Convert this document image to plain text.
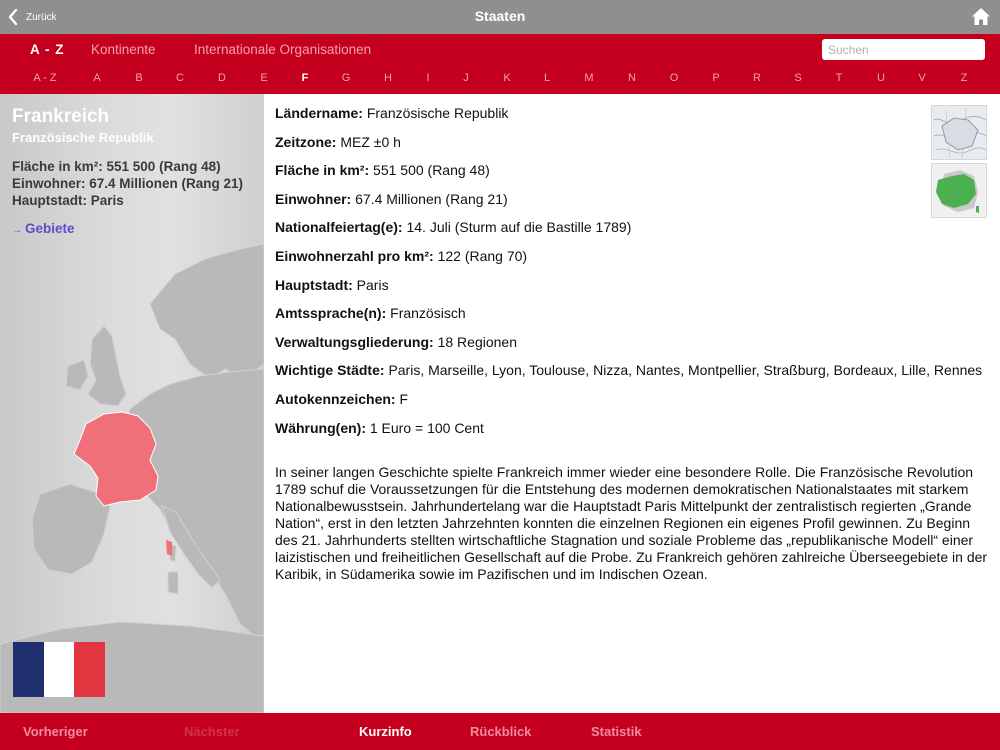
Zurück	Staaten
A - Z Kontinente	Internationale Organisationen
Suchen
A - Z	A	B	C	D	E	F	G	H	I	J	K	L	M	N	O	P	R	S	T	U	V	Z
Frankreich
Französische Republik
Fläche in km²: 551 500 (Rang 48)
Einwohner: 67.4 Millionen (Rang 21)
Hauptstadt: Paris
→ Gebiete
Ländername: Französische Republik
Zeitzone: MEZ ±0 h
Fläche in km²: 551 500 (Rang 48)
Einwohner: 67.4 Millionen (Rang 21)
Nationalfeiertag(e): 14. Juli (Sturm auf die Bastille 1789)
Einwohnerzahl pro km²: 122 (Rang 70)
Hauptstadt: Paris
Amtssprache(n): Französisch
Verwaltungsgliederung: 18 Regionen
Wichtige Städte: Paris, Marseille, Lyon, Toulouse, Nizza, Nantes, Montpellier, Straßburg, Bordeaux, Lille, Rennes
Autokennzeichen: F
Währung(en): 1 Euro = 100 Cent
In seiner langen Geschichte spielte Frankreich immer wieder eine besondere Rolle. Die Französische Revolution 1789 schuf die Voraussetzungen für die Entstehung des modernen demokratischen Nationalstaates mit starkem Nationalbewusstsein. Jahrhundertelang war die Hauptstadt Paris Mittelpunkt der zentralistisch regierten „Grande Nation“, erst in den letzten Jahrzehnten konnten die einzelnen Regionen ein eigenes Profil gewinnen. Zu Beginn des 21. Jahrhunderts stellten wirtschaftliche Stagnation und soziale Probleme das „republikanische Modell“ einer laizistischen und freiheitlichen Gesellschaft auf die Probe. Zu Frankreich gehören zahlreiche Überseegebiete in der Karibik, in Südamerika sowie im Pazifischen und im Indischen Ozean.
Vorheriger	Nächster	Kurzinfo	Rückblick	Statistik
